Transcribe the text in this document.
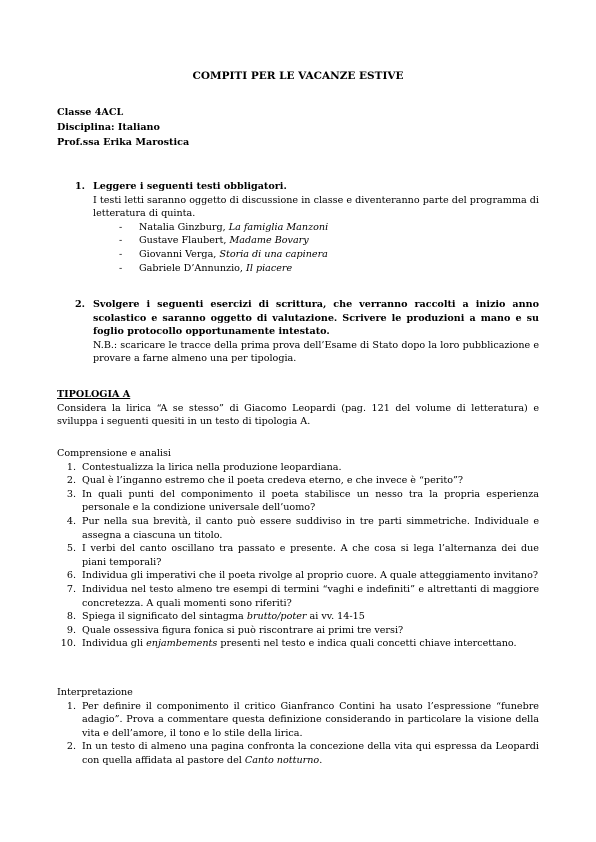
COMPITI PER LE VACANZE ESTIVE
Classe 4ACL
Disciplina: Italiano
Prof.ssa Erika Marostica
1. Leggere i seguenti testi obbligatori.
I testi letti saranno oggetto di discussione in classe e diventeranno parte del programma di letteratura di quinta.
-	Natalia Ginzburg, La famiglia Manzoni
-	Gustave Flaubert, Madame Bovary
-	Giovanni Verga, Storia di una capinera
-	Gabriele D’Annunzio, Il piacere
2. Svolgere i seguenti esercizi di scrittura, che verranno raccolti a inizio anno scolastico e saranno oggetto di valutazione. Scrivere le produzioni a mano e su foglio protocollo opportunamente intestato.
N.B.: scaricare le tracce della prima prova dell’Esame di Stato dopo la loro pubblicazione e provare a farne almeno una per tipologia.
TIPOLOGIA A
Considera la lirica “A se stesso” di Giacomo Leopardi (pag. 121 del volume di letteratura) e sviluppa i seguenti quesiti in un testo di tipologia A.
Comprensione e analisi
1. Contestualizza la lirica nella produzione leopardiana.
2. Qual è l’inganno estremo che il poeta credeva eterno, e che invece è “perito”?
3. In quali punti del componimento il poeta stabilisce un nesso tra la propria esperienza personale e la condizione universale dell’uomo?
4. Pur nella sua brevità, il canto può essere suddiviso in tre parti simmetriche. Individuale e assegna a ciascuna un titolo.
5. I verbi del canto oscillano tra passato e presente. A che cosa si lega l’alternanza dei due piani temporali?
6. Individua gli imperativi che il poeta rivolge al proprio cuore. A quale atteggiamento invitano?
7. Individua nel testo almeno tre esempi di termini “vaghi e indefiniti” e altrettanti di maggiore concretezza. A quali momenti sono riferiti?
8. Spiega il significato del sintagma brutto/poter ai vv. 14-15
9. Quale ossessiva figura fonica si può riscontrare ai primi tre versi?
10. Individua gli enjambements presenti nel testo e indica quali concetti chiave intercettano.
Interpretazione
1. Per definire il componimento il critico Gianfranco Contini ha usato l’espressione “funebre adagio”. Prova a commentare questa definizione considerando in particolare la visione della vita e dell’amore, il tono e lo stile della lirica.
2. In un testo di almeno una pagina confronta la concezione della vita qui espressa da Leopardi con quella affidata al pastore del Canto notturno.
